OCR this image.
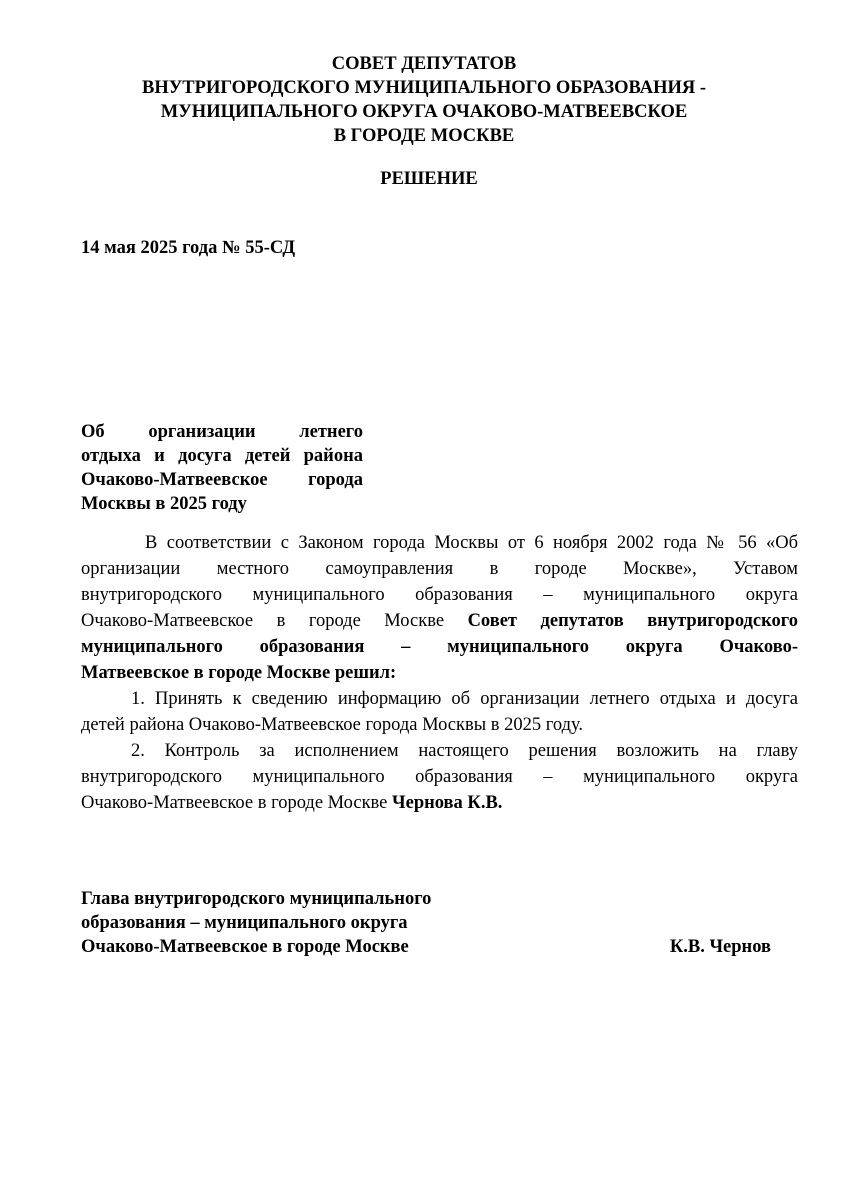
СОВЕТ ДЕПУТАТОВ
ВНУТРИГОРОДСКОГО МУНИЦИПАЛЬНОГО ОБРАЗОВАНИЯ -
МУНИЦИПАЛЬНОГО ОКРУГА ОЧАКОВО-МАТВЕЕВСКОЕ
В ГОРОДЕ МОСКВЕ
РЕШЕНИЕ
14 мая 2025 года № 55-СД
Об организации летнего
отдыха и досуга детей района
Очаково-Матвеевское города
Москвы в 2025 году
В соответствии с Законом города Москвы от 6 ноября 2002 года № 56 «Об
организации местного самоуправления в городе Москве», Уставом
внутригородского муниципального образования – муниципального округа
Очаково-Матвеевское в городе Москве Совет депутатов внутригородского
муниципального образования – муниципального округа Очаково-
Матвеевское в городе Москве решил:
1. Принять к сведению информацию об организации летнего отдыха и досуга
детей района Очаково-Матвеевское города Москвы в 2025 году.
2. Контроль за исполнением настоящего решения возложить на главу
внутригородского муниципального образования – муниципального округа
Очаково-Матвеевское в городе Москве Чернова К.В.
Глава внутригородского муниципального
образования – муниципального округа
Очаково-Матвеевское в городе Москве	К.В. Чернов
